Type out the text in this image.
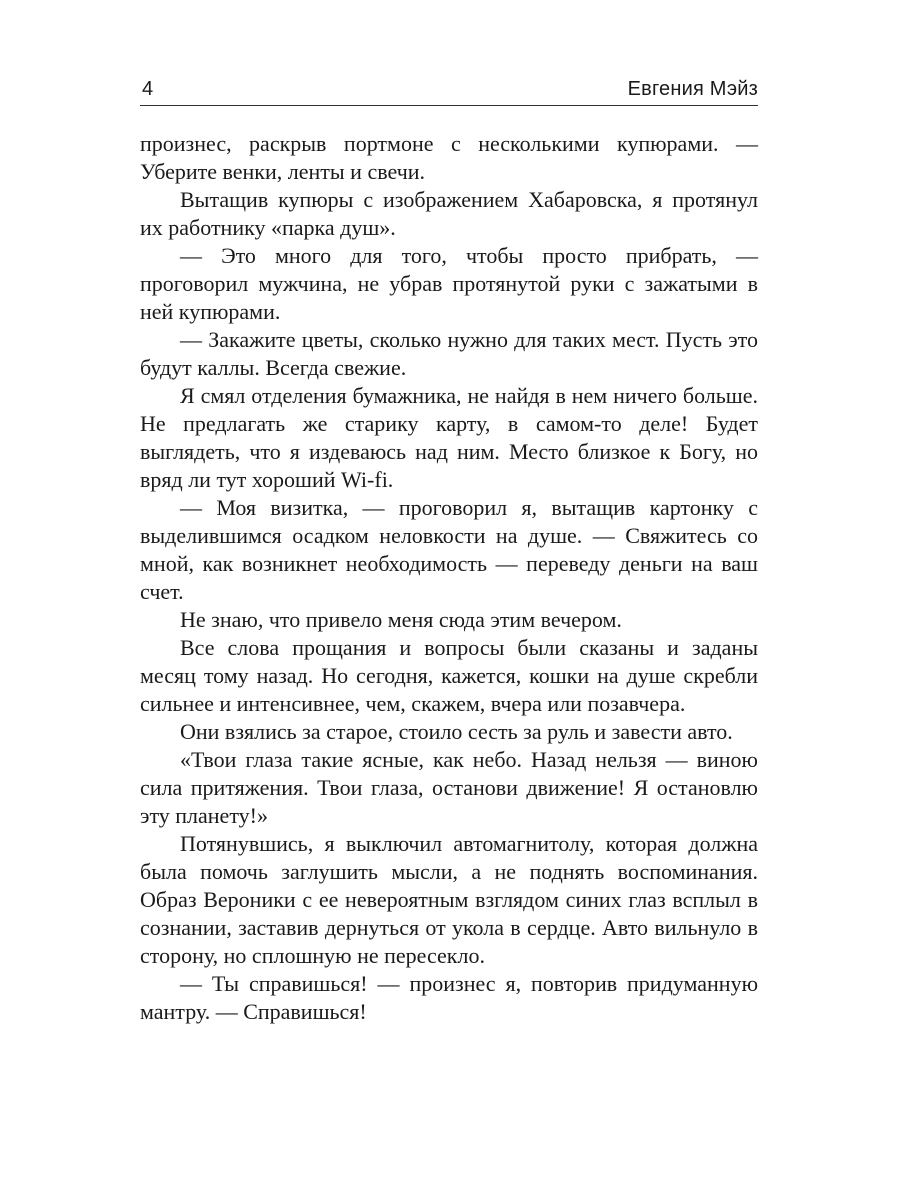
4	Евгения Мэйз

произнес, раскрыв портмоне с несколькими купюрами. — Уберите венки, ленты и свечи.

Вытащив купюры с изображением Хабаровска, я протянул их работнику «парка душ».

— Это много для того, чтобы просто прибрать, — проговорил мужчина, не убрав протянутой руки с зажатыми в ней купюрами.

— Закажите цветы, сколько нужно для таких мест. Пусть это будут каллы. Всегда свежие.

Я смял отделения бумажника, не найдя в нем ничего больше. Не предлагать же старику карту, в самом-то деле! Будет выглядеть, что я издеваюсь над ним. Место близкое к Богу, но вряд ли тут хороший Wi-fi.

— Моя визитка, — проговорил я, вытащив картонку с выделившимся осадком неловкости на душе. — Свяжитесь со мной, как возникнет необходимость — переведу деньги на ваш счет.

Не знаю, что привело меня сюда этим вечером.

Все слова прощания и вопросы были сказаны и заданы месяц тому назад. Но сегодня, кажется, кошки на душе скребли сильнее и интенсивнее, чем, скажем, вчера или позавчера.

Они взялись за старое, стоило сесть за руль и завести авто.

«Твои глаза такие ясные, как небо. Назад нельзя — виною сила притяжения. Твои глаза, останови движение! Я остановлю эту планету!»

Потянувшись, я выключил автомагнитолу, которая должна была помочь заглушить мысли, а не поднять воспоминания. Образ Вероники с ее невероятным взглядом синих глаз всплыл в сознании, заставив дернуться от укола в сердце. Авто вильнуло в сторону, но сплошную не пересекло.

— Ты справишься! — произнес я, повторив придуманную мантру. — Справишься!
